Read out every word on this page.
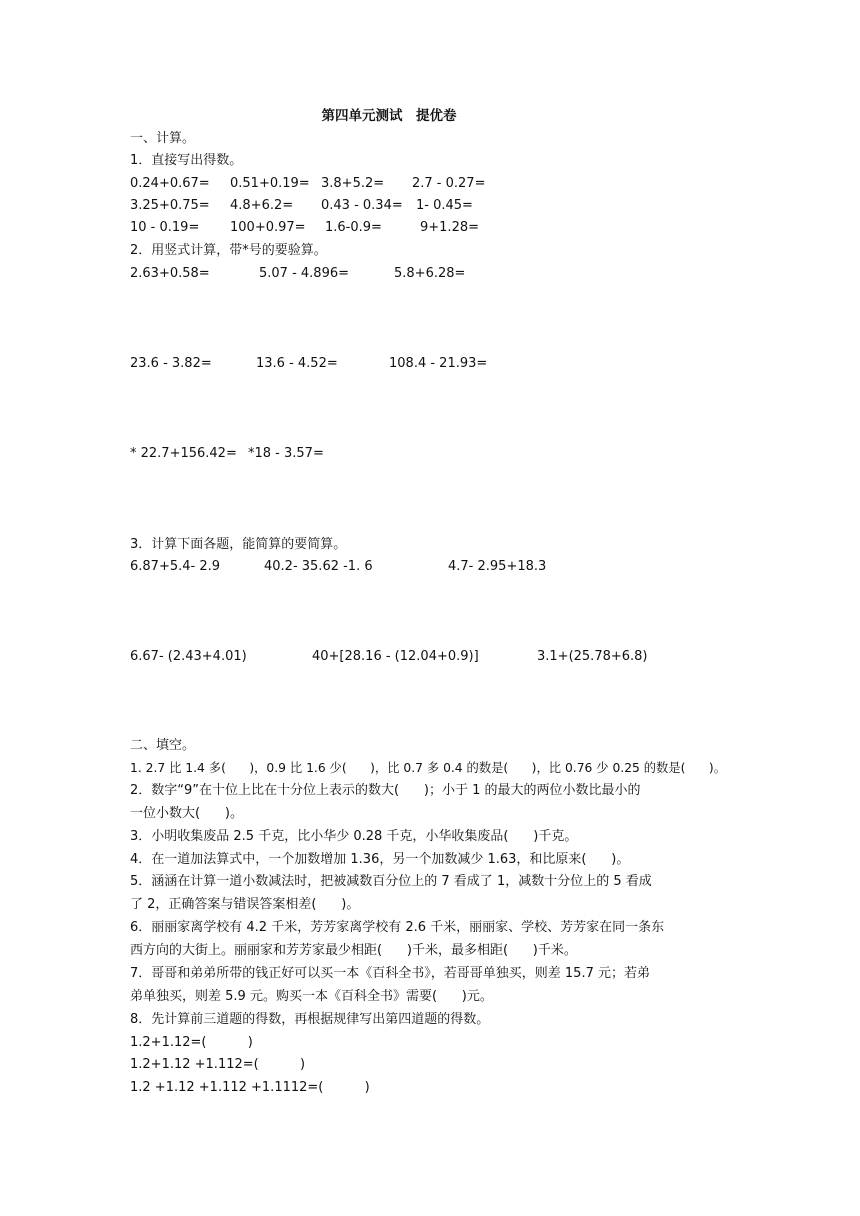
第四单元测试　提优卷
一、计算。
1．直接写出得数。
0.24+0.67= 0.51+0.19= 3.8+5.2= 2.7 - 0.27=
3.25+0.75= 4.8+6.2= 0.43 - 0.34= 1- 0.45=
10 - 0.19= 100+0.97= 1.6-0.9=	9+1.28=
2．用竖式计算，带*号的要验算。
2.63+0.58=	5.07 - 4.896=	5.8+6.28=
23.6 - 3.82=	13.6 - 4.52=	108.4 - 21.93=
* 22.7+156.42= *18 - 3.57=
3．计算下面各题，能简算的要简算。
6.87+5.4- 2.9	40.2- 35.62 -1. 6	4.7- 2.95+18.3
6.67- (2.43+4.01)	40+[28.16 - (12.04+0.9)]	3.1+(25.78+6.8)
二、填空。
1. 2.7 比 1.4 多(      )，0.9 比 1.6 少(      )，比 0.7 多 0.4 的数是(      )，比 0.76 少 0.25 的数是(      )。
2．数字“9”在十位上比在十分位上表示的数大(      )；小于 1 的最大的两位小数比最小的
一位小数大(      )。
3．小明收集废品 2.5 千克，比小华少 0.28 千克，小华收集废品(      )千克。
4．在一道加法算式中，一个加数增加 1.36，另一个加数减少 1.63，和比原来(      )。
5．涵涵在计算一道小数减法时，把被减数百分位上的 7 看成了 1，减数十分位上的 5 看成
了 2，正确答案与错误答案相差(      )。
6．丽丽家离学校有 4.2 千米，芳芳家离学校有 2.6 千米，丽丽家、学校、芳芳家在同一条东
西方向的大街上。丽丽家和芳芳家最少相距(      )千米，最多相距(      )千米。
7．哥哥和弟弟所带的钱正好可以买一本《百科全书》，若哥哥单独买，则差 15.7 元；若弟
弟单独买，则差 5.9 元。购买一本《百科全书》需要(      )元。
8．先计算前三道题的得数，再根据规律写出第四道题的得数。
1.2+1.12=(          )
1.2+1.12 +1.112=(          )
1.2 +1.12 +1.112 +1.1112=(          )
